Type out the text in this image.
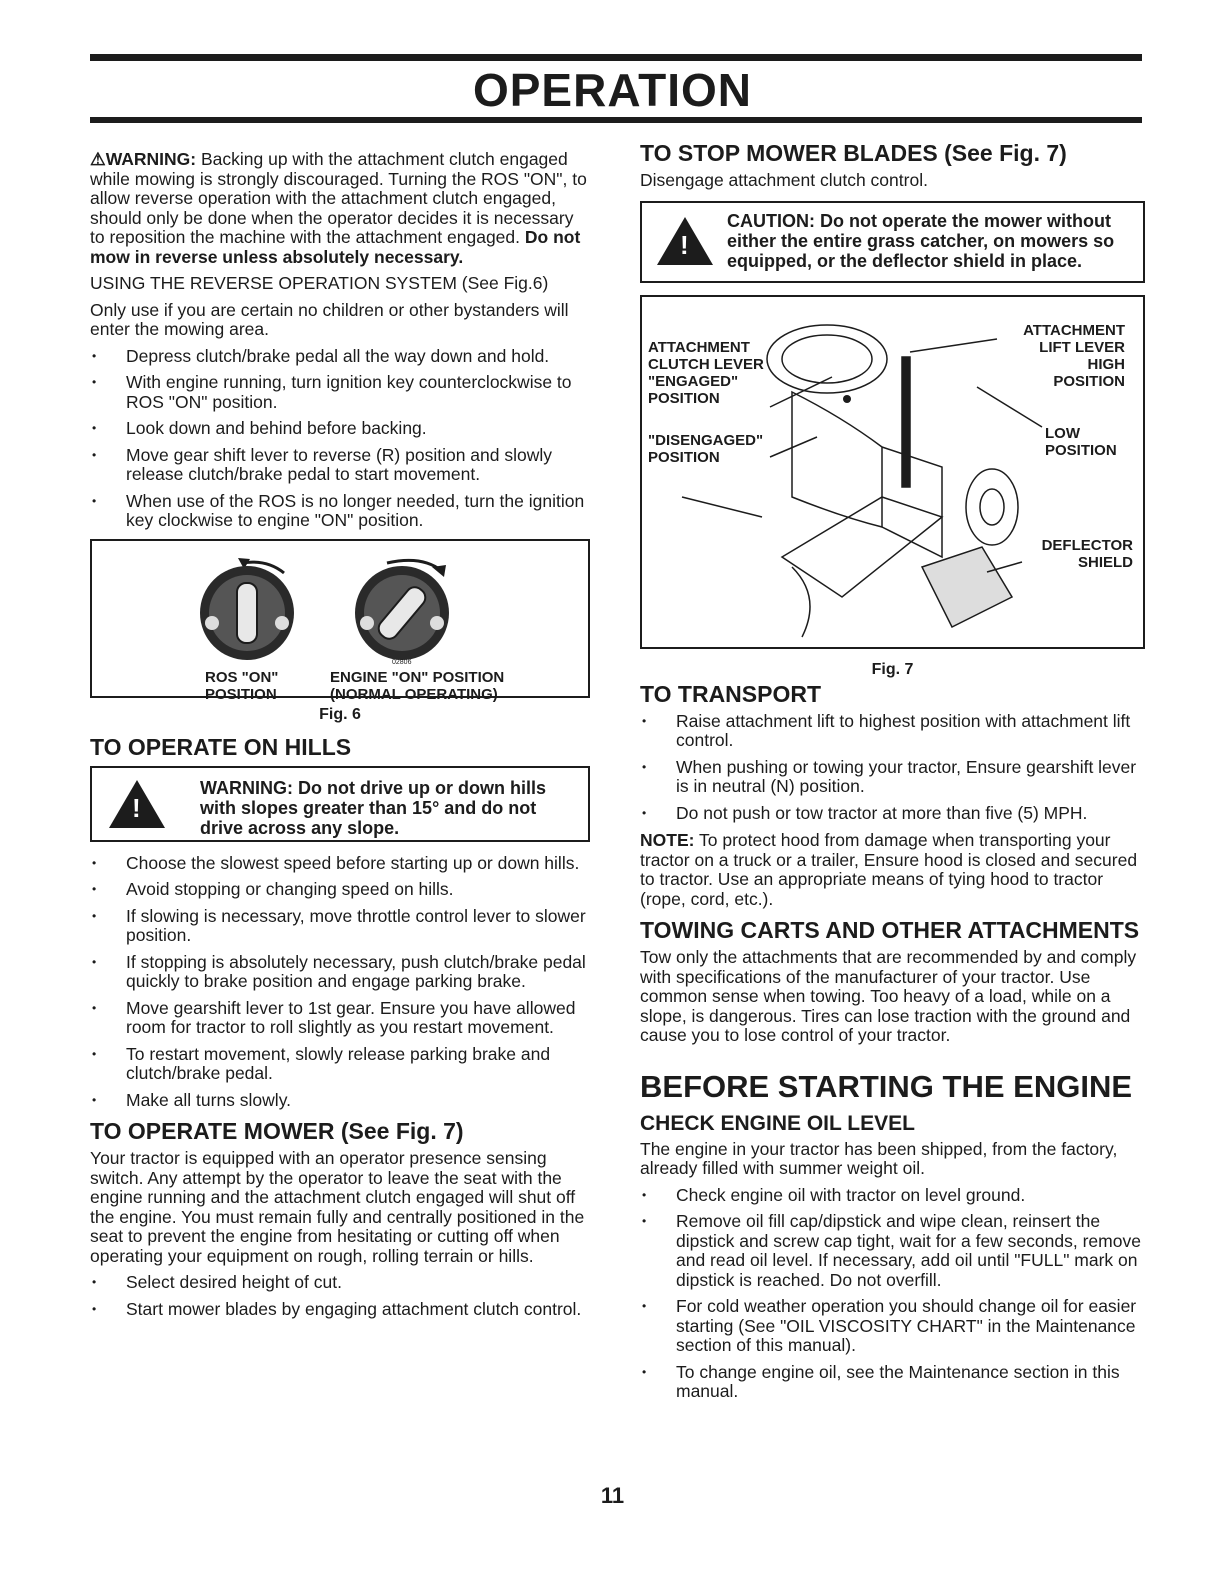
OPERATION

⚠WARNING: Backing up with the attachment clutch engaged while mowing is strongly discouraged. Turning the ROS "ON", to allow reverse operation with the attachment clutch engaged, should only be done when the operator decides it is necessary to reposition the machine with the attachment engaged. Do not mow in reverse unless absolutely necessary.

USING THE REVERSE OPERATION SYSTEM (See Fig.6)

Only use if you are certain no children or other bystanders will enter the mowing area.

• Depress clutch/brake pedal all the way down and hold.
• With engine running, turn ignition key counterclockwise to ROS "ON" position.
• Look down and behind before backing.
• Move gear shift lever to reverse (R) position and slowly release clutch/brake pedal to start movement.
• When use of the ROS is no longer needed, turn the ignition key clockwise to engine "ON" position.
02806
ROS "ON"
POSITION
ENGINE "ON" POSITION
(NORMAL OPERATING)
Fig. 6
TO OPERATE ON HILLS
!
WARNING: Do not drive up or down hills with slopes greater than 15° and do not drive across any slope.
• Choose the slowest speed before starting up or down hills.
• Avoid stopping or changing speed on hills.
• If slowing is necessary, move throttle control lever to slower position.
• If stopping is absolutely necessary, push clutch/brake pedal quickly to brake position and engage parking brake.
• Move gearshift lever to 1st gear. Ensure you have allowed room for tractor to roll slightly as you restart movement.
• To restart movement, slowly release parking brake and clutch/brake pedal.
• Make all turns slowly.
TO OPERATE MOWER (See Fig. 7)

Your tractor is equipped with an operator presence sensing switch. Any attempt by the operator to leave the seat with the engine running and the attachment clutch engaged will shut off the engine. You must remain fully and centrally positioned in the seat to prevent the engine from hesitating or cutting off when operating your equipment on rough, rolling terrain or hills.

• Select desired height of cut.
• Start mower blades by engaging attachment clutch control.
TO STOP MOWER BLADES (See Fig. 7)

Disengage attachment clutch control.

!
CAUTION: Do not operate the mower without either the entire grass catcher, on mowers so equipped, or the deflector shield in place.
ATTACHMENT
CLUTCH LEVER
"ENGAGED"
POSITION
"DISENGAGED"
POSITION
ATTACHMENT
LIFT LEVER
HIGH
POSITION
LOW
POSITION
DEFLECTOR
SHIELD
Fig. 7
TO TRANSPORT
• Raise attachment lift to highest position with attachment lift control.
• When pushing or towing your tractor, Ensure gearshift lever is in neutral (N) position.
• Do not push or tow tractor at more than five (5) MPH.

NOTE: To protect hood from damage when transporting your tractor on a truck or a trailer, Ensure hood is closed and secured to tractor. Use an appropriate means of tying hood to tractor (rope, cord, etc.).

TOWING CARTS AND OTHER ATTACHMENTS

Tow only the attachments that are recommended by and comply with specifications of the manufacturer of your tractor. Use common sense when towing. Too heavy of a load, while on a slope, is dangerous. Tires can lose traction with the ground and cause you to lose control of your tractor.

BEFORE STARTING THE ENGINE
CHECK ENGINE OIL LEVEL

The engine in your tractor has been shipped, from the factory, already filled with summer weight oil.

• Check engine oil with tractor on level ground.
• Remove oil fill cap/dipstick and wipe clean, reinsert the dipstick and screw cap tight, wait for a few seconds, remove and read oil level. If necessary, add oil until "FULL" mark on dipstick is reached. Do not overfill.
• For cold weather operation you should change oil for easier starting (See "OIL VISCOSITY CHART" in the Maintenance section of this manual).
• To change engine oil, see the Maintenance section in this manual.
11
